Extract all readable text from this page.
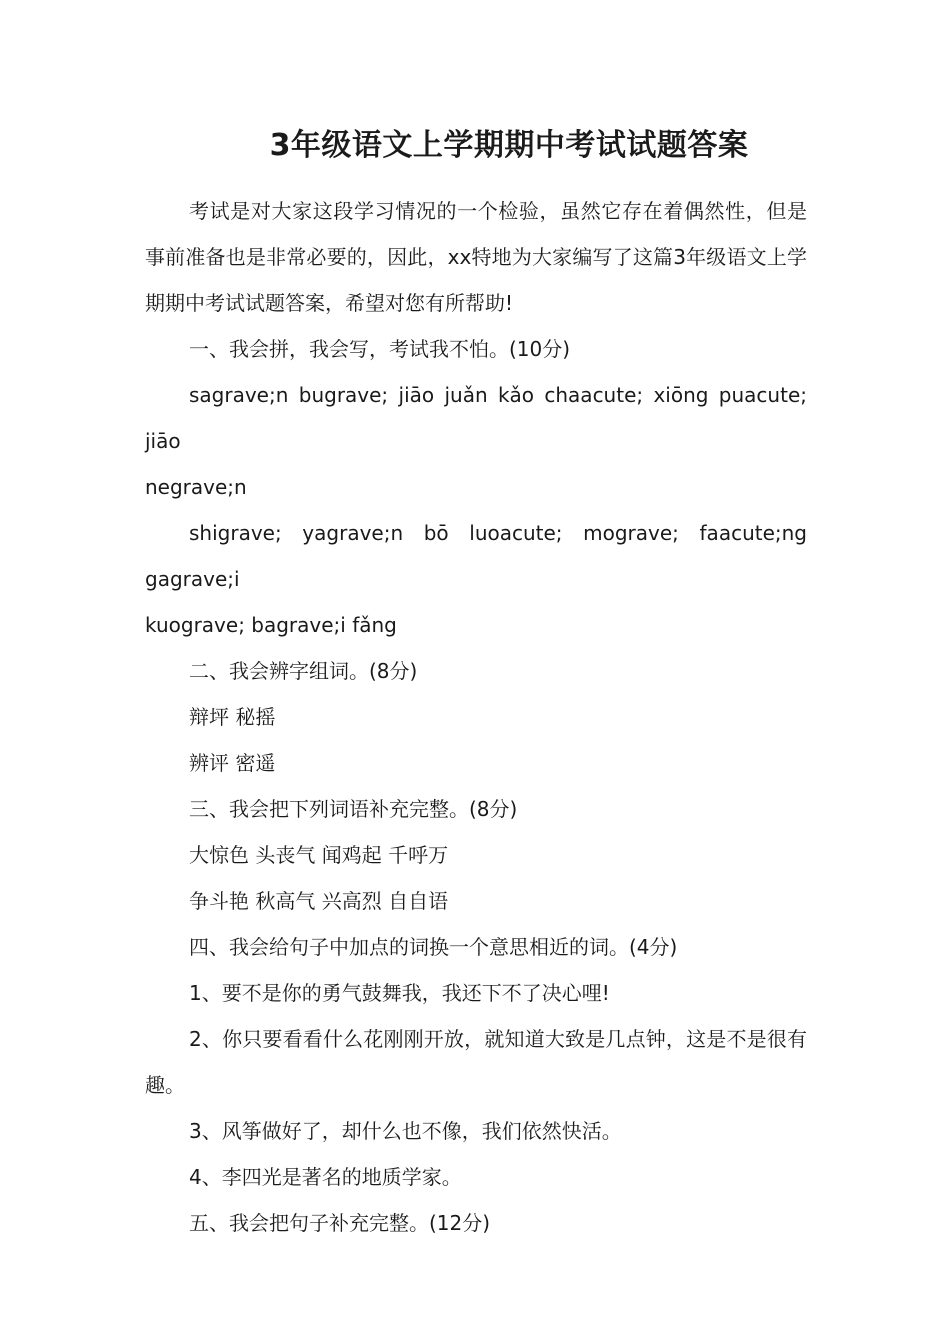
3年级语文上学期期中考试试题答案

考试是对大家这段学习情况的一个检验，虽然它存在着偶然性，但是事前准备也是非常必要的，因此，xx特地为大家编写了这篇3年级语文上学期期中考试试题答案，希望对您有所帮助!

一、我会拼，我会写，考试我不怕。(10分)

sagrave;n bugrave; jiāo juǎn kǎo chaacute; xiōng puacute; jiāo

negrave;n

shigrave; yagrave;n bō luoacute; mograve; faacute;ng gagrave;i

kuograve; bagrave;i fǎng

二、我会辨字组词。(8分)

辩坪 秘摇

辨评 密遥

三、我会把下列词语补充完整。(8分)

大惊色 头丧气 闻鸡起 千呼万

争斗艳 秋高气 兴高烈 自自语

四、我会给句子中加点的词换一个意思相近的词。(4分)

1、要不是你的勇气鼓舞我，我还下不了决心哩!

2、你只要看看什么花刚刚开放，就知道大致是几点钟，这是不是很有趣。

3、风筝做好了，却什么也不像，我们依然快活。

4、李四光是著名的地质学家。

五、我会把句子补充完整。(12分)
